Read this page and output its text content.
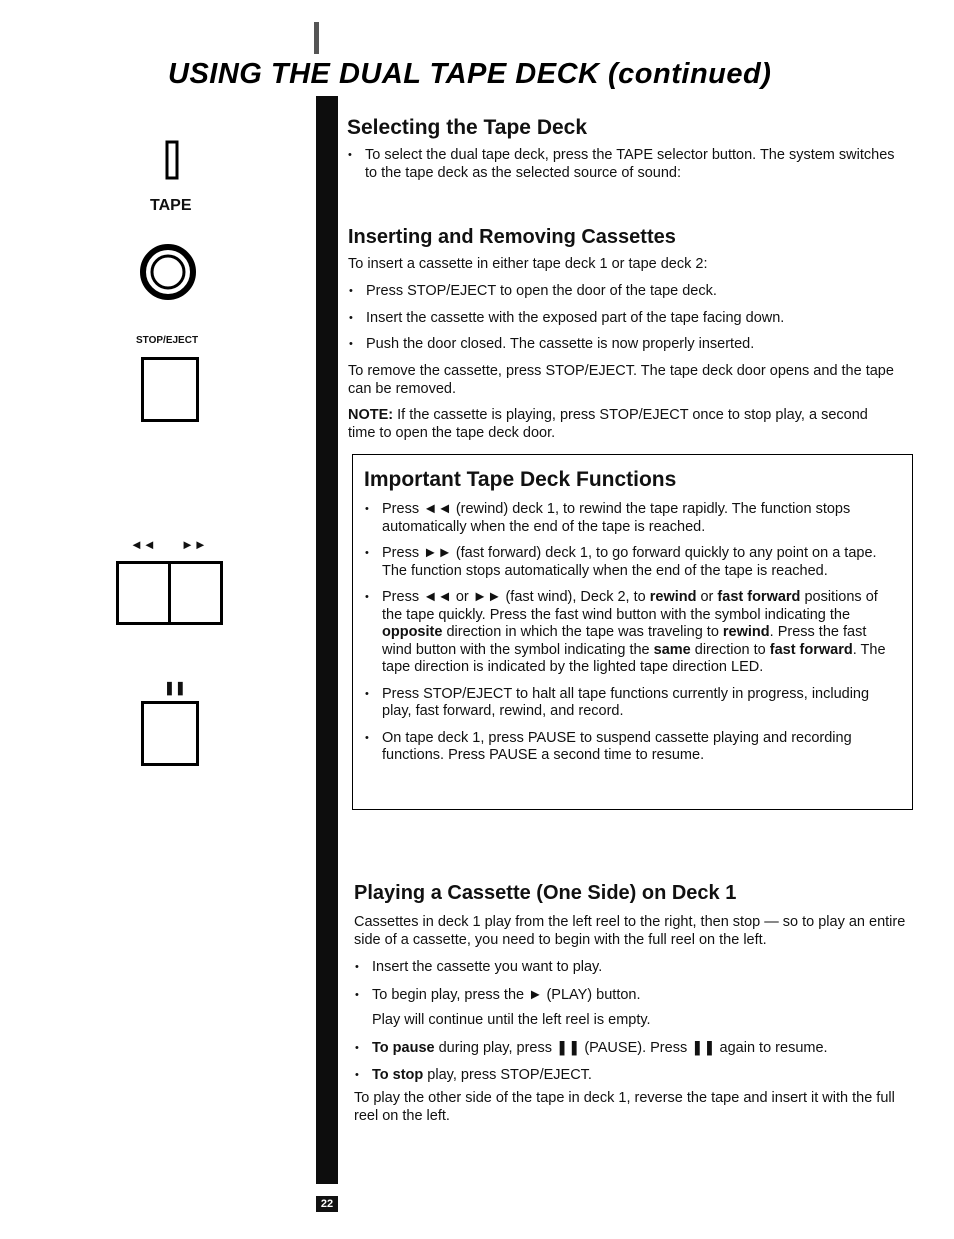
USING THE DUAL TAPE DECK (continued)
TAPE
STOP/EJECT
◄◄ ►►
❚❚
22
Selecting the Tape Deck
• To select the dual tape deck, press the TAPE selector button. The system switches to the tape deck as the selected source of sound:
Inserting and Removing Cassettes

To insert a cassette in either tape deck 1 or tape deck 2:

• Press STOP/EJECT to open the door of the tape deck.
• Insert the cassette with the exposed part of the tape facing down.
• Push the door closed. The cassette is now properly inserted.

To remove the cassette, press STOP/EJECT. The tape deck door opens and the tape can be removed.

NOTE: If the cassette is playing, press STOP/EJECT once to stop play, a second time to open the tape deck door.

Important Tape Deck Functions
• Press ◄◄ (rewind) deck 1, to rewind the tape rapidly. The function stops automatically when the end of the tape is reached.
• Press ►► (fast forward) deck 1, to go forward quickly to any point on a tape. The function stops automatically when the end of the tape is reached.
• Press ◄◄ or ►► (fast wind), Deck 2, to rewind or fast forward positions of the tape quickly. Press the fast wind button with the symbol indicating the opposite direction in which the tape was traveling to rewind. Press the fast wind button with the symbol indicating the same direction to fast forward. The tape direction is indicated by the lighted tape direction LED.
• Press STOP/EJECT to halt all tape functions currently in progress, including play, fast forward, rewind, and record.
• On tape deck 1, press PAUSE to suspend cassette playing and recording functions. Press PAUSE a second time to resume.
Playing a Cassette (One Side) on Deck 1

Cassettes in deck 1 play from the left reel to the right, then stop — so to play an entire side of a cassette, you need to begin with the full reel on the left.

• Insert the cassette you want to play.
• To begin play, press the ► (PLAY) button.
Play will continue until the left reel is empty.
• To pause during play, press ❚❚ (PAUSE). Press ❚❚ again to resume.
• To stop play, press STOP/EJECT.

To play the other side of the tape in deck 1, reverse the tape and insert it with the full reel on the left.
